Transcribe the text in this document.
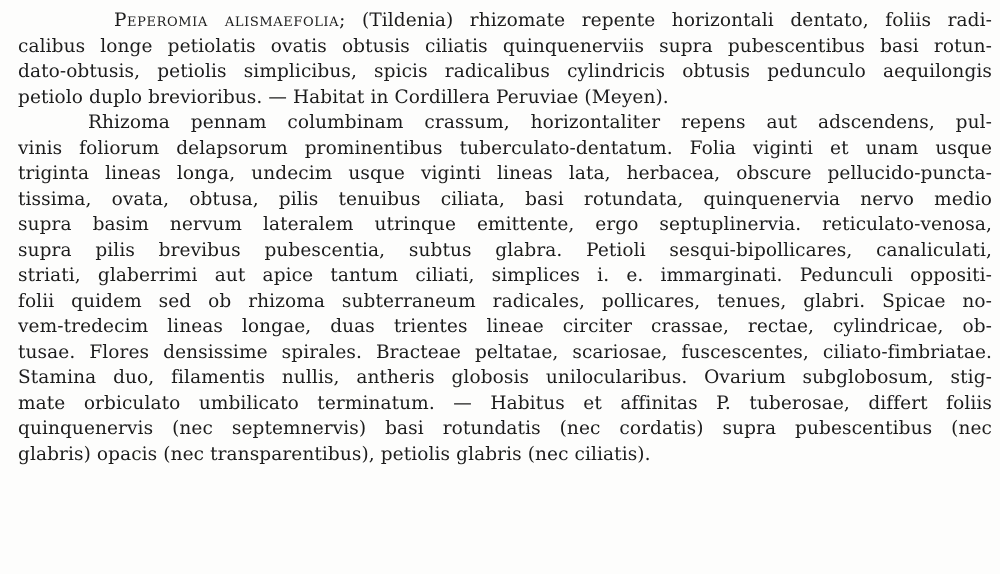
Peperomia alismaefolia; (Tildenia) rhizomate repente horizontali dentato, foliis radi-
calibus longe petiolatis ovatis obtusis ciliatis quinquenerviis supra pubescentibus basi rotun-
dato-obtusis, petiolis simplicibus, spicis radicalibus cylindricis obtusis pedunculo aequilongis
petiolo duplo brevioribus. — Habitat in Cordillera Peruviae (Meyen).
Rhizoma pennam columbinam crassum, horizontaliter repens aut adscendens, pul-
vinis foliorum delapsorum prominentibus tuberculato-dentatum. Folia viginti et unam usque
triginta lineas longa, undecim usque viginti lineas lata, herbacea, obscure pellucido-puncta-
tissima, ovata, obtusa, pilis tenuibus ciliata, basi rotundata, quinquenervia nervo medio
supra basim nervum lateralem utrinque emittente, ergo septuplinervia. reticulato-venosa,
supra pilis brevibus pubescentia, subtus glabra. Petioli sesqui-bipollicares, canaliculati,
striati, glaberrimi aut apice tantum ciliati, simplices i. e. immarginati. Pedunculi oppositi-
folii quidem sed ob rhizoma subterraneum radicales, pollicares, tenues, glabri. Spicae no-
vem-tredecim lineas longae, duas trientes lineae circiter crassae, rectae, cylindricae, ob-
tusae. Flores densissime spirales. Bracteae peltatae, scariosae, fuscescentes, ciliato-fimbriatae.
Stamina duo, filamentis nullis, antheris globosis unilocularibus. Ovarium subglobosum, stig-
mate orbiculato umbilicato terminatum. — Habitus et affinitas P. tuberosae, differt foliis
quinquenervis (nec septemnervis) basi rotundatis (nec cordatis) supra pubescentibus (nec
glabris) opacis (nec transparentibus), petiolis glabris (nec ciliatis).
